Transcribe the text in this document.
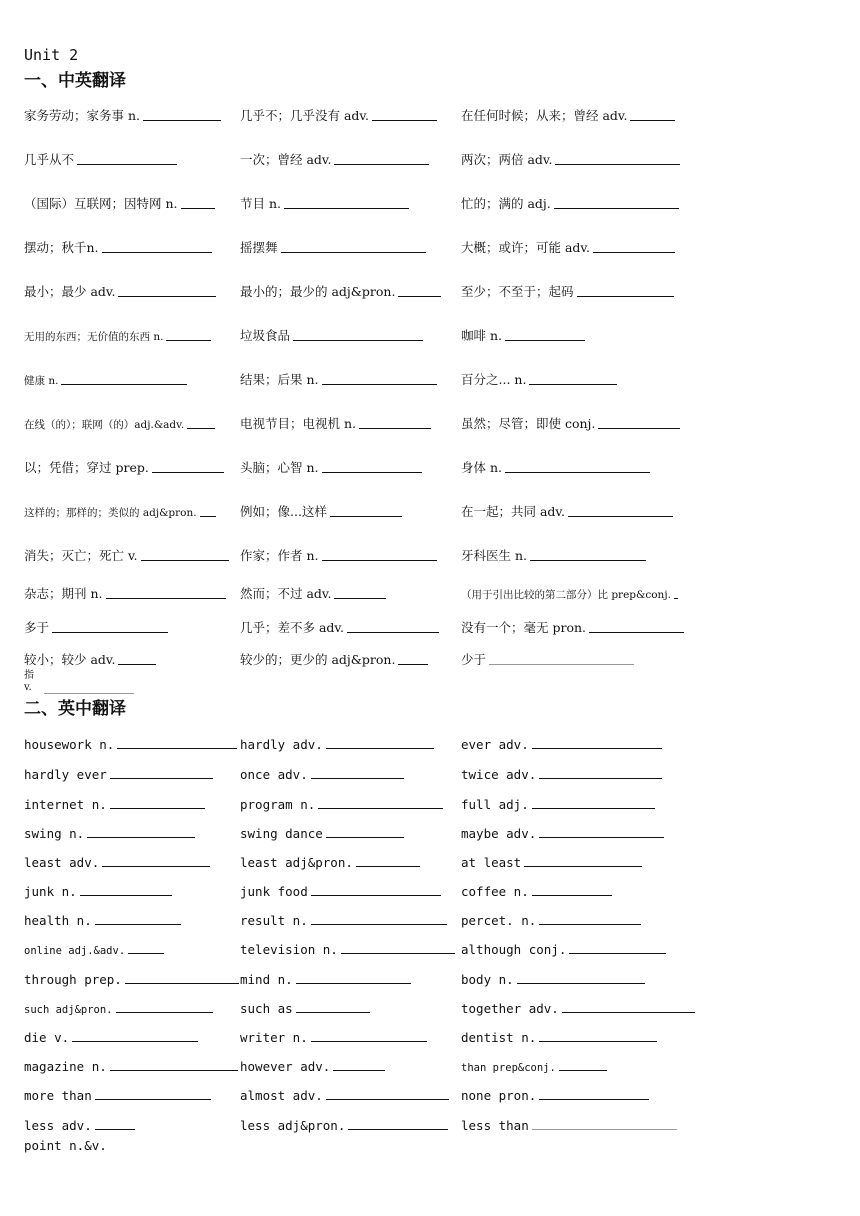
Unit 2
一、中英翻译
家务劳动；家务事 n.	几乎不；几乎没有 adv.	在任何时候；从来；曾经 adv.
几乎从不	一次；曾经 adv.	两次；两倍 adv.
（国际）互联网；因特网 n.	节目 n.	忙的；满的 adj.
摆动；秋千n.	摇摆舞	大概；或许；可能 adv.
最小；最少 adv.	最小的；最少的 adj&pron.	至少；不至于；起码
无用的东西；无价值的东西 n.	垃圾食品	咖啡 n.
健康 n.	结果；后果 n.	百分之... n.
在线（的）；联网（的）adj.&adv.	电视节目；电视机 n.	虽然；尽管；即使 conj.
以；凭借；穿过 prep.	头脑；心智 n.	身体 n.
这样的；那样的；类似的 adj&pron.	例如；像...这样	在一起；共同 adv.
消失；灭亡；死亡 v.	作家；作者 n.	牙科医生 n.
杂志；期刊 n.	然而；不过 adv.	（用于引出比较的第二部分）比 prep&conj.
多于	几乎；差不多 adv.	没有一个；毫无 pron.
较小；较少 adv.	较少的；更少的 adj&pron.	少于
指 v.

二、英中翻译
housework n.	hardly adv.	ever adv.
hardly ever	once adv.	twice adv.
internet n.	program n.	full adj.
swing n.	swing dance	maybe adv.
least adv.	least adj&pron.	at least
junk n.	junk food	coffee n.
health n.	result n.	percet. n.
online adj.&adv.	television n.	although conj.
through prep.	mind n.	body n.
such adj&pron.	such as	together adv.
die v.	writer n.	dentist n.
magazine n.	however adv.	than prep&conj.
more than	almost adv.	none pron.
less adv.	less adj&pron.	less than
point n.&v.
